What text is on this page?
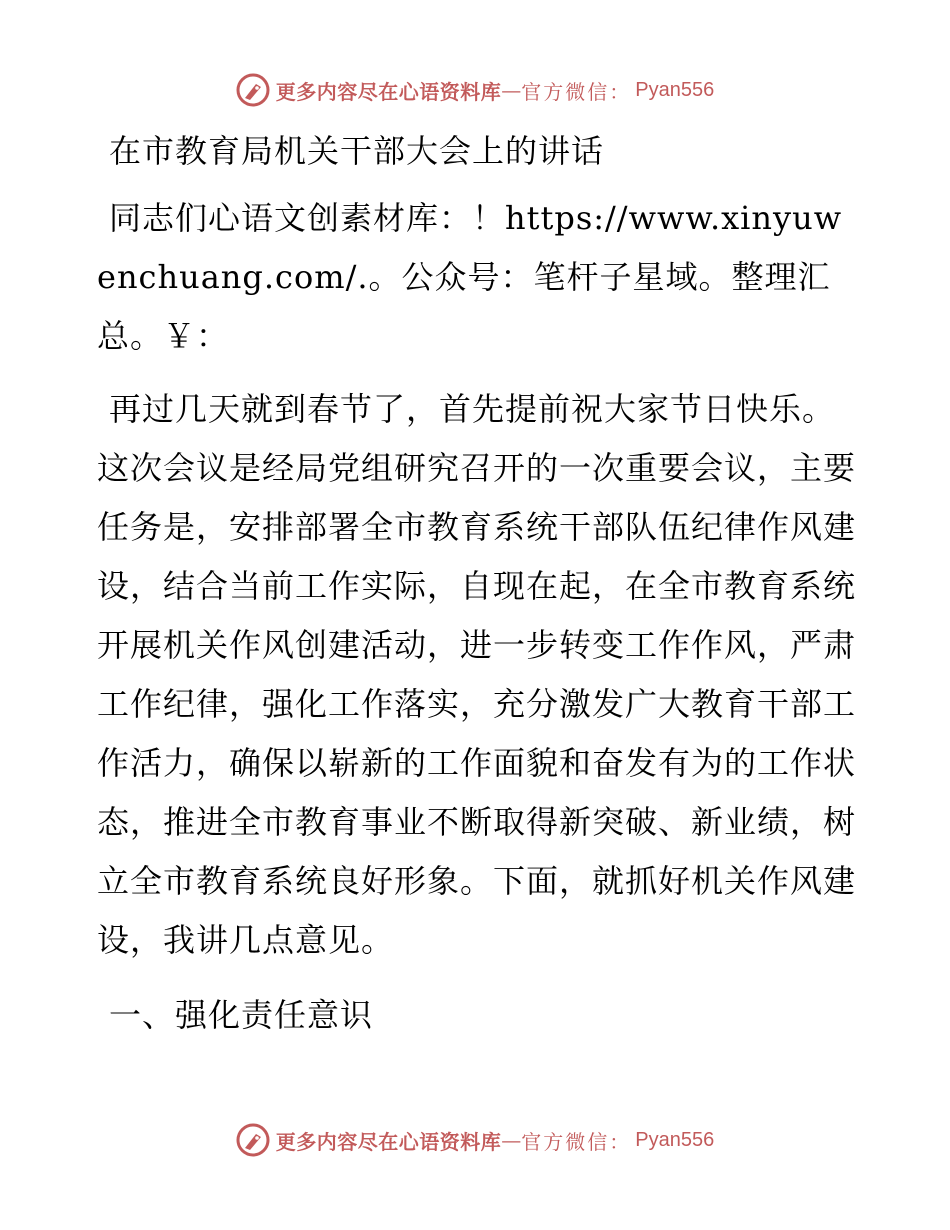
更多内容尽在心语资料库 — 官方微信： Pyan556

在市教育局机关干部大会上的讲话

同志们心语文创素材库：！https://www.xinyuwenchuang.com/.。公众号：笔杆子星域。整理汇总。￥：

再过几天就到春节了，首先提前祝大家节日快乐。这次会议是经局党组研究召开的一次重要会议，主要任务是，安排部署全市教育系统干部队伍纪律作风建设，结合当前工作实际，自现在起，在全市教育系统开展机关作风创建活动，进一步转变工作作风，严肃工作纪律，强化工作落实，充分激发广大教育干部工作活力，确保以崭新的工作面貌和奋发有为的工作状态，推进全市教育事业不断取得新突破、新业绩，树立全市教育系统良好形象。下面，就抓好机关作风建设，我讲几点意见。

一、强化责任意识

更多内容尽在心语资料库 — 官方微信： Pyan556
